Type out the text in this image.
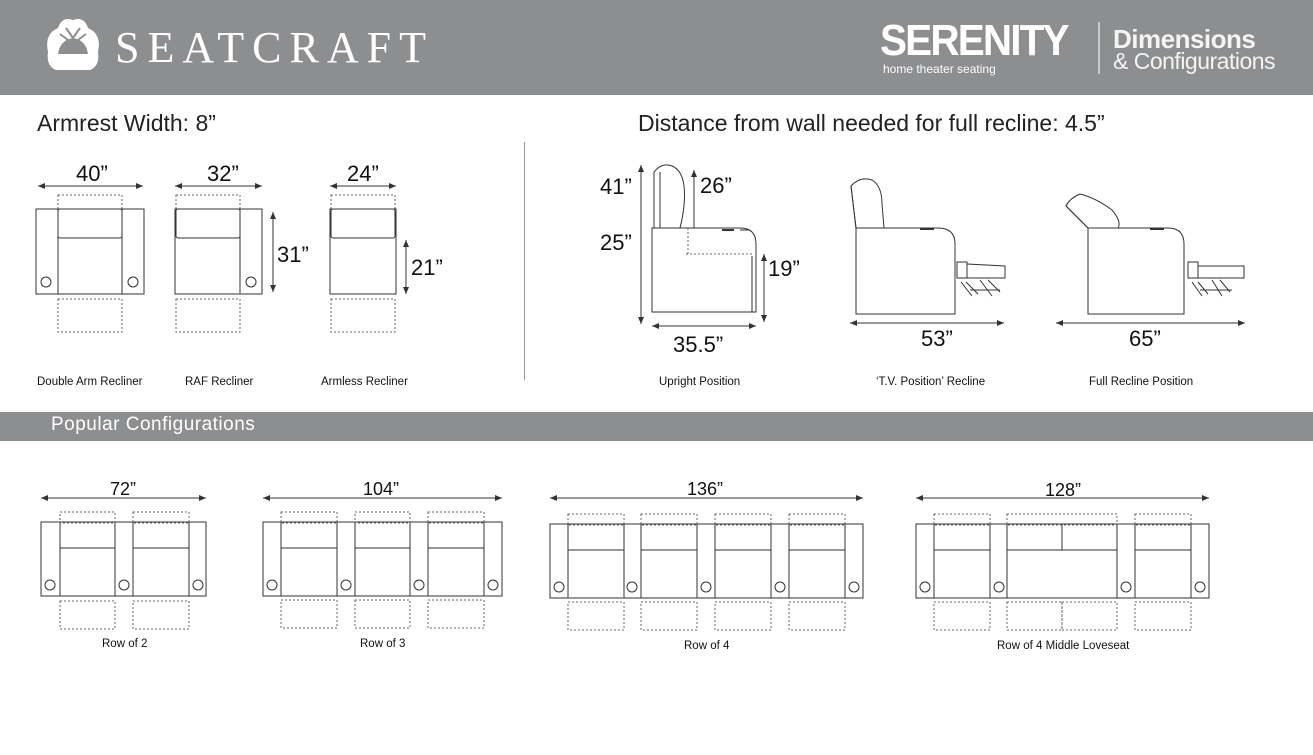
SEATCRAFT	SERENITY
home theater seating
Dimensions
& Configurations
Armrest Width: 8”	Distance from wall needed for full recline: 4.5”
40”	32”	24”
31”
21”
41”	26”
25”
19”
35.5”	53”	65”
72”	104”	136”	128”
Double Arm Recliner	RAF Recliner	Armless Recliner	Upright Position	‘T.V. Position’ Recline	Full Recline Position
Popular Configurations
Row of 2	Row of 3	Row of 4	Row of 4 Middle Loveseat
